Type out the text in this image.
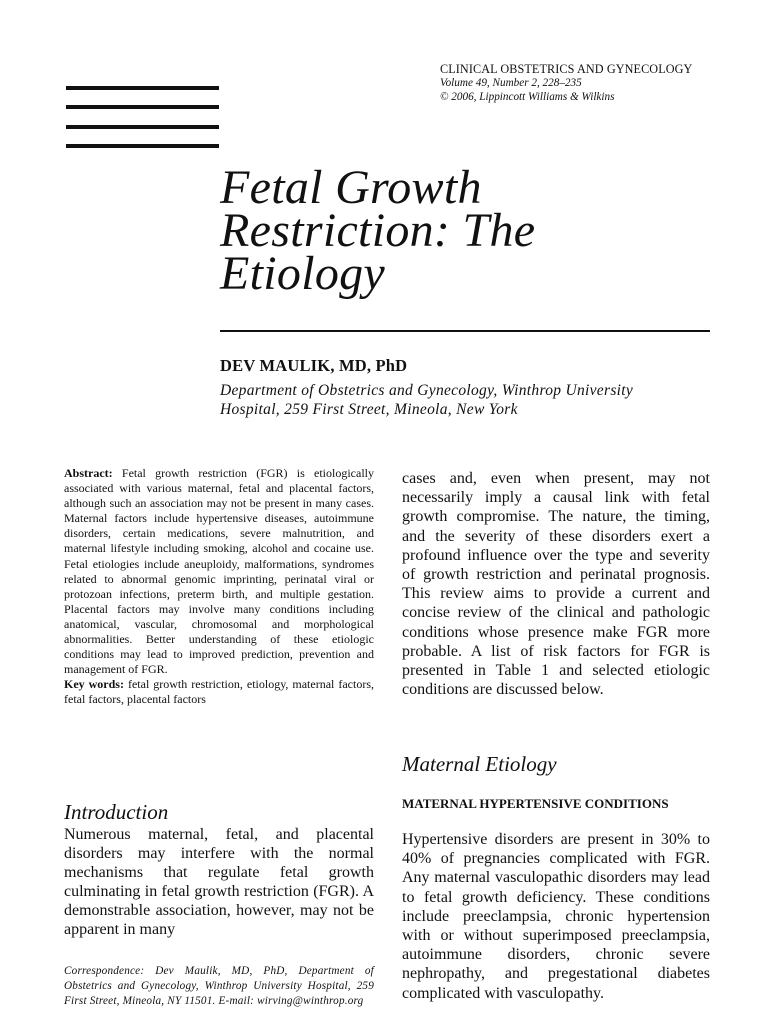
CLINICAL OBSTETRICS AND GYNECOLOGY
Volume 49, Number 2, 228–235
© 2006, Lippincott Williams & Wilkins
Fetal Growth
Restriction: The
Etiology
DEV MAULIK, MD, PhD
Department of Obstetrics and Gynecology, Winthrop University
Hospital, 259 First Street, Mineola, New York
Abstract: Fetal growth restriction (FGR) is etiologically associated with various maternal, fetal and placental factors, although such an association may not be present in many cases. Maternal factors include hypertensive diseases, autoimmune disorders, certain medications, severe malnutrition, and maternal lifestyle including smoking, alcohol and cocaine use. Fetal etiologies include aneuploidy, malformations, syndromes related to abnormal genomic imprinting, perinatal viral or protozoan infections, preterm birth, and multiple gestation. Placental factors may involve many conditions including anatomical, vascular, chromosomal and morphological abnormalities. Better understanding of these etiologic conditions may lead to improved prediction, prevention and management of FGR.
Key words: fetal growth restriction, etiology, maternal factors, fetal factors, placental factors
Introduction
Numerous maternal, fetal, and placental disorders may interfere with the normal mechanisms that regulate fetal growth culminating in fetal growth restriction (FGR). A demonstrable association, however, may not be apparent in many
Correspondence: Dev Maulik, MD, PhD, Department of Obstetrics and Gynecology, Winthrop University Hospital, 259 First Street, Mineola, NY 11501. E-mail: wirving@winthrop.org
cases and, even when present, may not necessarily imply a causal link with fetal growth compromise. The nature, the timing, and the severity of these disorders exert a profound influence over the type and severity of growth restriction and perinatal prognosis. This review aims to provide a current and concise review of the clinical and pathologic conditions whose presence make FGR more probable. A list of risk factors for FGR is presented in Table 1 and selected etiologic conditions are discussed below.
Maternal Etiology
MATERNAL HYPERTENSIVE CONDITIONS
Hypertensive disorders are present in 30% to 40% of pregnancies complicated with FGR. Any maternal vasculopathic disorders may lead to fetal growth deficiency. These conditions include preeclampsia, chronic hypertension with or without superimposed preeclampsia, autoimmune disorders, chronic severe nephropathy, and pregestational diabetes complicated with vasculopathy.
